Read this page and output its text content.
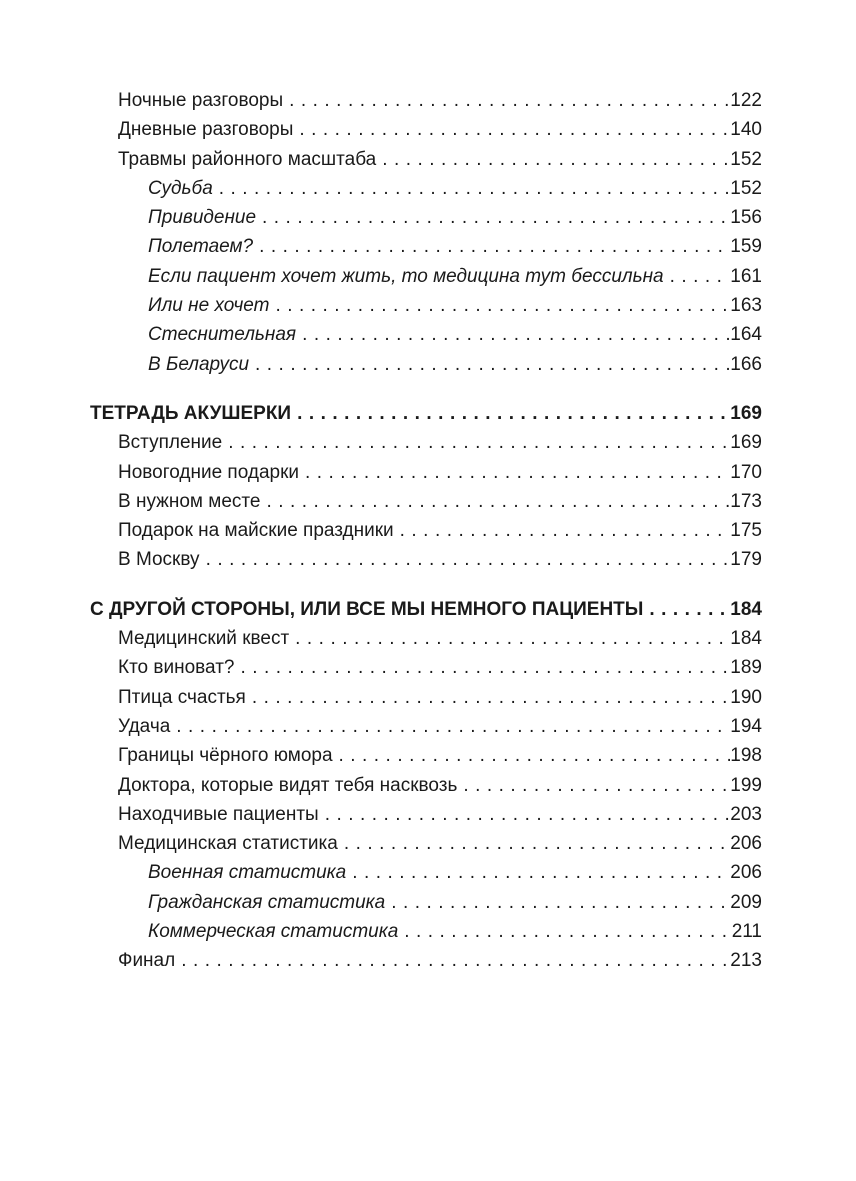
Ночные разговоры . . .	122
Дневные разговоры . . .	140
Травмы районного масштаба . . .	152
Судьба . . .	152
Привидение . . .	156
Полетаем? . . .	159
Если пациент хочет жить, то медицина тут бессильна . . .	161
Или не хочет . . .	163
Стеснительная . . .	164
В Беларуси . . .	166
ТЕТРАДЬ АКУШЕРКИ . . .	169
Вступление . . .	169
Новогодние подарки . . .	170
В нужном месте . . .	173
Подарок на майские праздники . . .	175
В Москву . . .	179
С ДРУГОЙ СТОРОНЫ, ИЛИ ВСЕ МЫ НЕМНОГО ПАЦИЕНТЫ . . .	184
Медицинский квест . . .	184
Кто виноват? . . .	189
Птица счастья . . .	190
Удача . . .	194
Границы чёрного юмора . . .	198
Доктора, которые видят тебя насквозь . . .	199
Находчивые пациенты . . .	203
Медицинская статистика . . .	206
Военная статистика . . .	206
Гражданская статистика . . .	209
Коммерческая статистика . . .	211
Финал . . .	213
